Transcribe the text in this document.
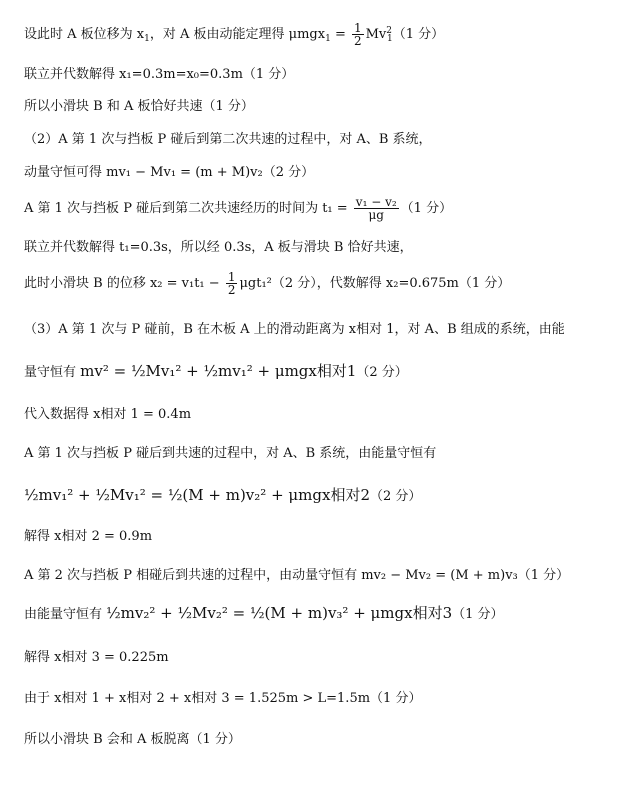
设此时 A 板位移为 $x_1$，对 A 板由动能定理得 $\mu mgx_1 = \frac{1}{2} Mv^2_1(1$ 分）
联立并代数解得 x₁=0.3m=x₀=0.3m（1 分）
所以小滑块 B 和 A 板恰好共速（1 分）
（2）A 第 1 次与挡板 P 碰后到第二次共速的过程中，对 A、B 系统，
动量守恒可得 mv₁ − Mv₁ = (m + M)v₂（2 分）
A 第 1 次与挡板 P 碰后到第二次共速经历的时间为 $t_1 = \frac{\text{v₁ − v₂}}{\mu g} (1$ 分）
联立并代数解得 t₁=0.3s，所以经 0.3s，A 板与滑块 B 恰好共速，
此时小滑块 B 的位移 $x_2 = v_1t_1 - \frac{1}{2} \mu gt_1^2(2$ 分），代数解得 x₂=0.675m（1 分）
（3）A 第 1 次与 P 碰前，B 在木板 A 上的滑动距离为 x相对 1，对 A、B 组成的系统，由能
量守恒有 mv² = ½Mv₁² + ½mv₁² + μmgx相对1（2 分）
代入数据得 x相对 1 = 0.4m
A 第 1 次与挡板 P 碰后到共速的过程中，对 A、B 系统，由能量守恒有
½mv₁² + ½Mv₁² = ½(M + m)v₂² + μmgx相对2（2 分）
解得 x相对 2 = 0.9m
A 第 2 次与挡板 P 相碰后到共速的过程中，由动量守恒有 mv₂ − Mv₂ = (M + m)v₃（1 分）
由能量守恒有 ½mv₂² + ½Mv₂² = ½(M + m)v₃² + μmgx相对3（1 分）
解得 x相对 3 = 0.225m
由于 x相对 1 + x相对 2 + x相对 3 = 1.525m > L=1.5m（1 分）
所以小滑块 B 会和 A 板脱离（1 分）
